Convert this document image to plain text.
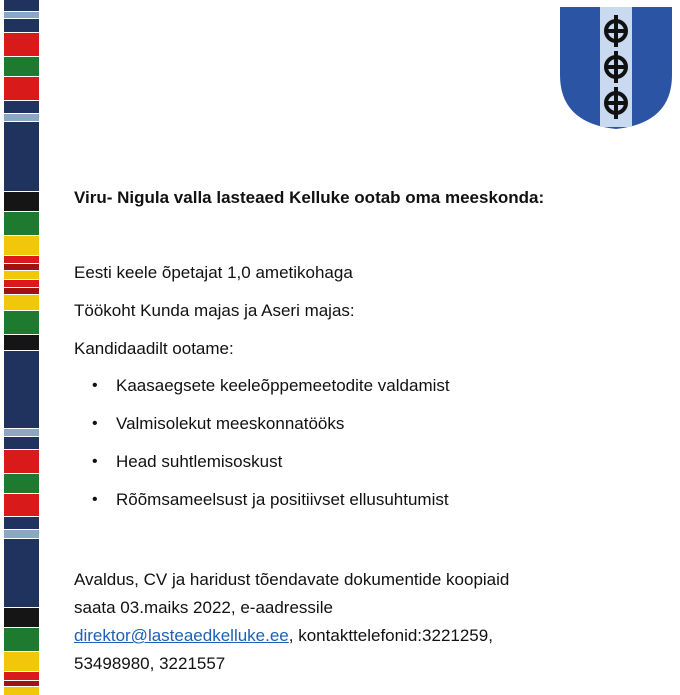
Viru- Nigula valla lasteaed Kelluke ootab oma meeskonda:
Eesti keele õpetajat 1,0 ametikohaga
Töökoht Kunda majas ja Aseri majas:
Kandidaadilt ootame:
•	Kaasaegsete keeleõppemeetodite valdamist
•	Valmisolekut meeskonnatööks
•	Head suhtlemisoskust
•	Rõõmsameelsust ja positiivset ellusuhtumist
Avaldus, CV ja haridust tõendavate dokumentide koopiaid
saata 03.maiks 2022, e-aadressile
direktor@lasteaedkelluke.ee, kontakttelefonid:3221259,
53498980, 3221557
